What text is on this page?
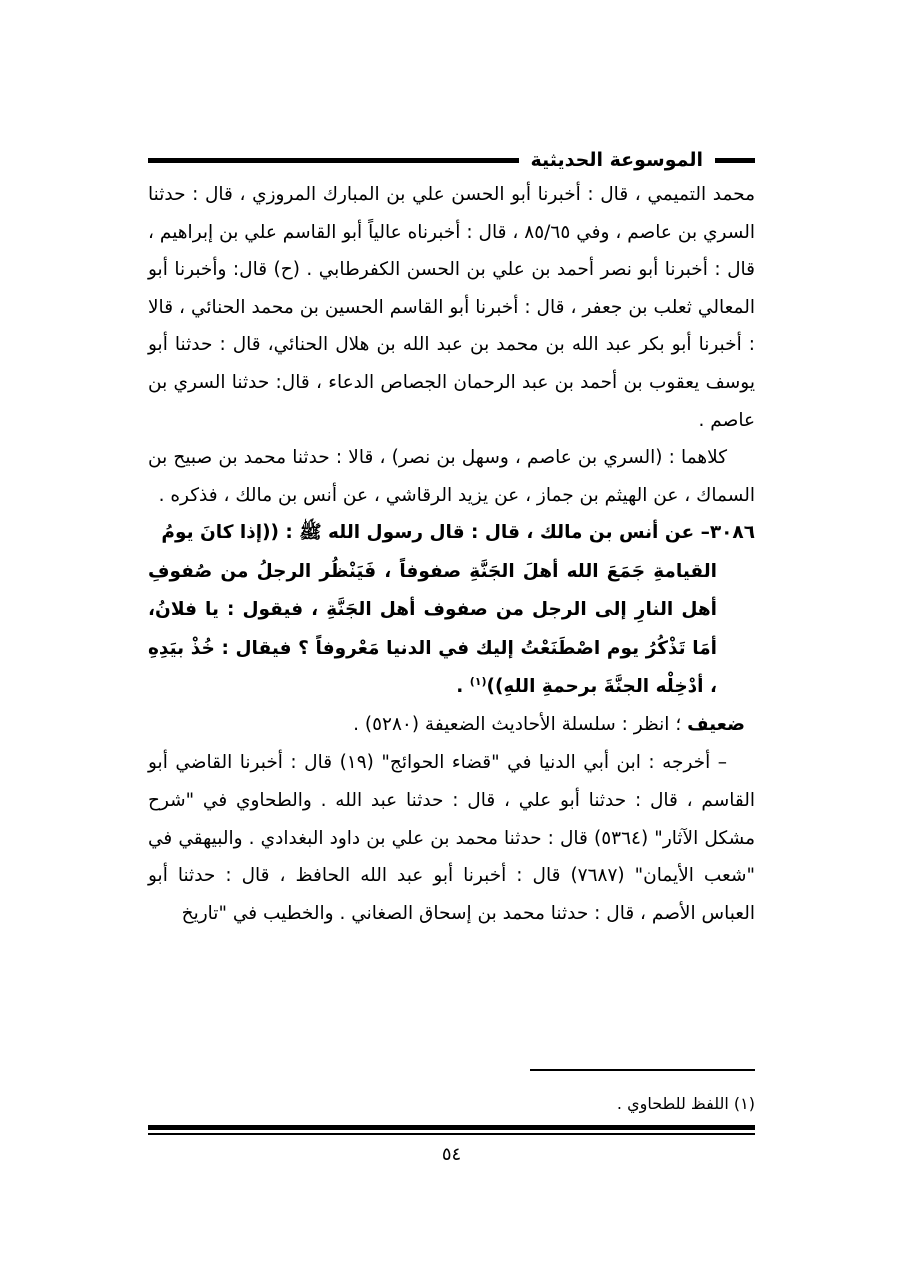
الموسوعة الحديثية

محمد التميمي ، قال : أخبرنا أبو الحسن علي بن المبارك المروزي ، قال : حدثنا السري بن عاصم ، وفي ٨٥/٦٥ ، قال : أخبرناه عالياً أبو القاسم علي بن إبراهيم ، قال : أخبرنا أبو نصر أحمد بن علي بن الحسن الكفرطابي . (ح) قال: وأخبرنا أبو المعالي ثعلب بن جعفر ، قال : أخبرنا أبو القاسم الحسين بن محمد الحنائي ، قالا : أخبرنا أبو بكر عبد الله بن محمد بن عبد الله بن هلال الحنائي، قال : حدثنا أبو يوسف يعقوب بن أحمد بن عبد الرحمان الجصاص الدعاء ، قال: حدثنا السري بن عاصم .

كلاهما : (السري بن عاصم ، وسهل بن نصر) ، قالا : حدثنا محمد بن صبيح بن السماك ، عن الهيثم بن جماز ، عن يزيد الرقاشي ، عن أنس بن مالك ، فذكره .

٣٠٨٦– عن أنس بن مالك ، قال : قال رسول الله ﷺ : ((إذا كانَ يومُ

القيامةِ جَمَعَ الله أهلَ الجَنَّةِ صفوفاً ، فَيَنْظُر الرجلُ من صُفوفِ أهل النارِ إلى الرجل من صفوف أهل الجَنَّةِ ، فيقول : يا فلانُ، أمَا تَذْكُرُ يوم اصْطَنَعْتُ إليك في الدنيا مَعْروفاً ؟ فيقال : خُذْ بيَدِهِ ، أدْخِلْه الجنَّةَ برحمةِ اللهِ))$^{(١)}$ .

ضعيف ؛ انظر : سلسلة الأحاديث الضعيفة (٥٢٨٠) .

– أخرجه : ابن أبي الدنيا في "قضاء الحوائج" (١٩) قال : أخبرنا القاضي أبو القاسم ، قال : حدثنا أبو علي ، قال : حدثنا عبد الله . والطحاوي في "شرح مشكل الآثار" (٥٣٦٤) قال : حدثنا محمد بن علي بن داود البغدادي . والبيهقي في "شعب الأيمان" (٧٦٨٧) قال : أخبرنا أبو عبد الله الحافظ ، قال : حدثنا أبو العباس الأصم ، قال : حدثنا محمد بن إسحاق الصغاني . والخطيب في "تاريخ

(١) اللفظ للطحاوي .
٥٤
